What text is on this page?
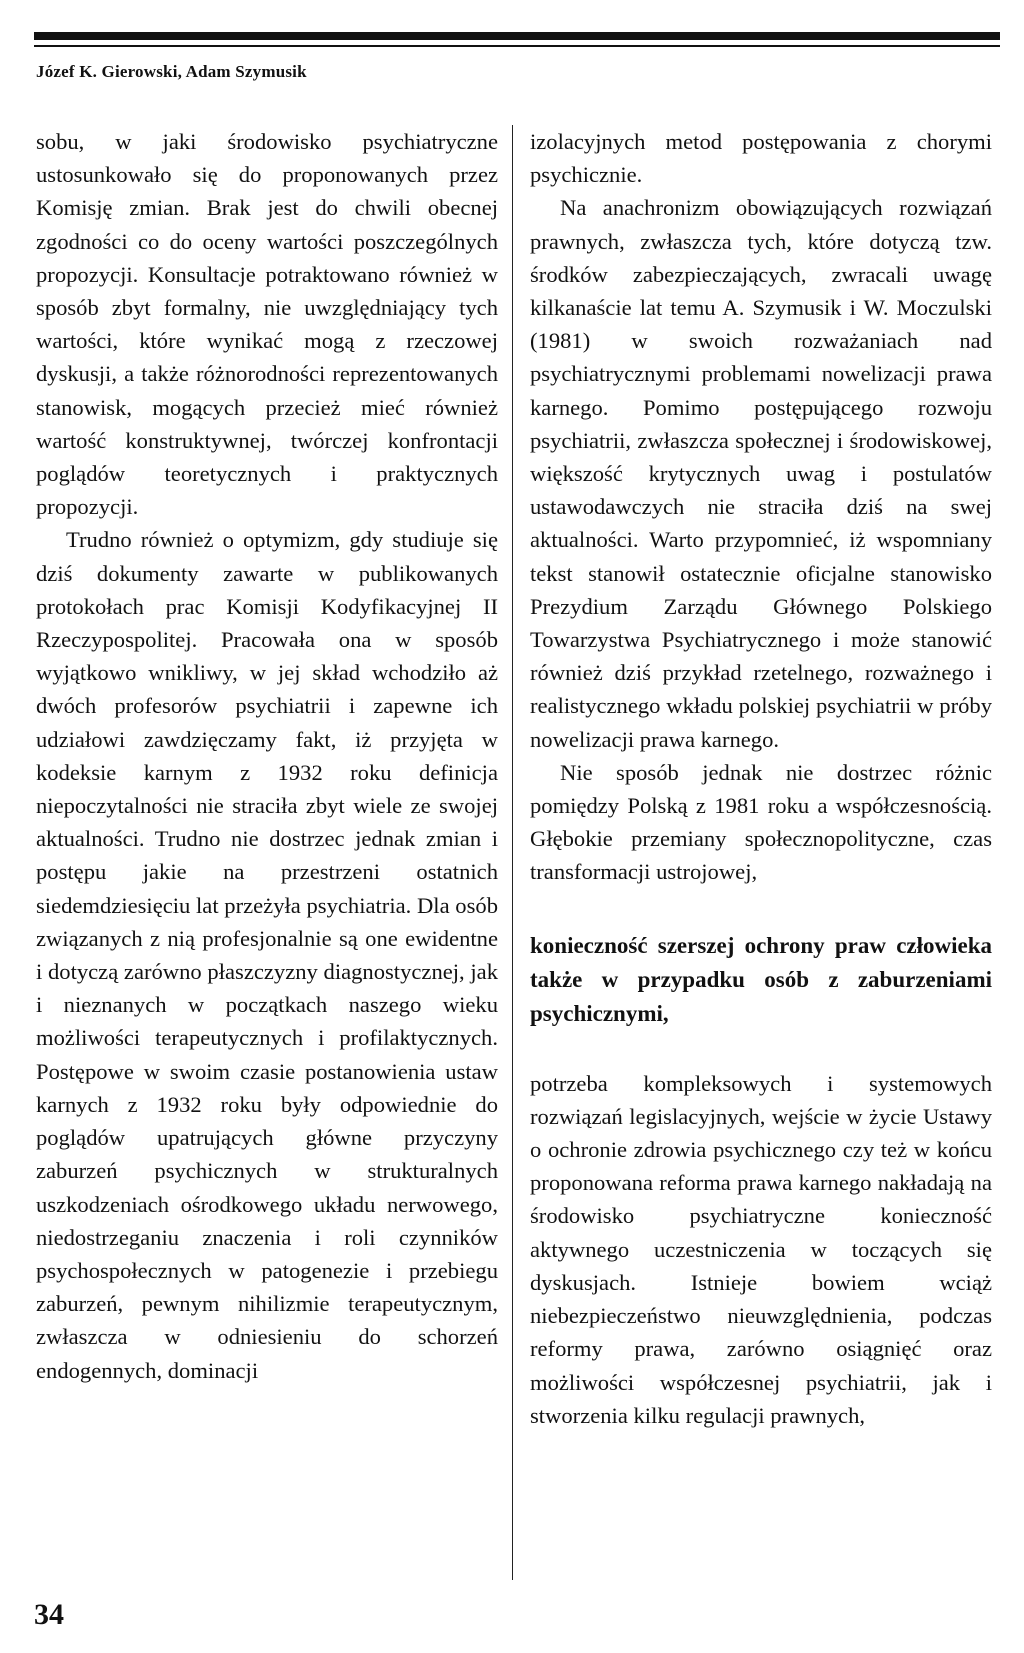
Józef K. Gierowski, Adam Szymusik

sobu, w jaki środowisko psychiatryczne ustosunkowało się do proponowanych przez Komisję zmian. Brak jest do chwili obecnej zgodności co do oceny wartości poszczególnych propozycji. Konsultacje potraktowano również w sposób zbyt formalny, nie uwzględniający tych wartości, które wynikać mogą z rzeczowej dyskusji, a także różnorodności reprezentowanych stanowisk, mogących przecież mieć również wartość konstruktywnej, twórczej konfrontacji poglądów teoretycznych i praktycznych propozycji.

Trudno również o optymizm, gdy studiuje się dziś dokumenty zawarte w publikowanych protokołach prac Komisji Kodyfikacyjnej II Rzeczypospolitej. Pracowała ona w sposób wyjątkowo wnikliwy, w jej skład wchodziło aż dwóch profesorów psychiatrii i zapewne ich udziałowi zawdzięczamy fakt, iż przyjęta w kodeksie karnym z 1932 roku definicja niepoczytalności nie straciła zbyt wiele ze swojej aktualności. Trudno nie dostrzec jednak zmian i postępu jakie na przestrzeni ostatnich siedemdziesięciu lat przeżyła psychiatria. Dla osób związanych z nią profesjonalnie są one ewidentne i dotyczą zarówno płaszczyzny diagnostycznej, jak i nieznanych w początkach naszego wieku możliwości terapeutycznych i profilaktycznych. Postępowe w swoim czasie postanowienia ustaw karnych z 1932 roku były odpowiednie do poglądów upatrujących główne przyczyny zaburzeń psychicznych w strukturalnych uszkodzeniach ośrodkowego układu nerwowego, niedostrzeganiu znaczenia i roli czynników psychospołecznych w patogenezie i przebiegu zaburzeń, pewnym nihilizmie terapeutycznym, zwłaszcza w odniesieniu do schorzeń endogennych, dominacji

izolacyjnych metod postępowania z chorymi psychicznie.

Na anachronizm obowiązujących rozwiązań prawnych, zwłaszcza tych, które dotyczą tzw. środków zabezpieczających, zwracali uwagę kilkanaście lat temu A. Szymusik i W. Moczulski (1981) w swoich rozważaniach nad psychiatrycznymi problemami nowelizacji prawa karnego. Pomimo postępującego rozwoju psychiatrii, zwłaszcza społecznej i środowiskowej, większość krytycznych uwag i postulatów ustawodawczych nie straciła dziś na swej aktualności. Warto przypomnieć, iż wspomniany tekst stanowił ostatecznie oficjalne stanowisko Prezydium Zarządu Głównego Polskiego Towarzystwa Psychiatrycznego i może stanowić również dziś przykład rzetelnego, rozważnego i realistycznego wkładu polskiej psychiatrii w próby nowelizacji prawa karnego.

Nie sposób jednak nie dostrzec różnic pomiędzy Polską z 1981 roku a współczesnością. Głębokie przemiany społecznopolityczne, czas transformacji ustrojowej,

konieczność szerszej ochrony praw człowieka także w przypadku osób z zaburzeniami psychicznymi,

potrzeba kompleksowych i systemowych rozwiązań legislacyjnych, wejście w życie Ustawy o ochronie zdrowia psychicznego czy też w końcu proponowana reforma prawa karnego nakładają na środowisko psychiatryczne konieczność aktywnego uczestniczenia w toczących się dyskusjach. Istnieje bowiem wciąż niebezpieczeństwo nieuwzględnienia, podczas reformy prawa, zarówno osiągnięć oraz możliwości współczesnej psychiatrii, jak i stworzenia kilku regulacji prawnych,

34
